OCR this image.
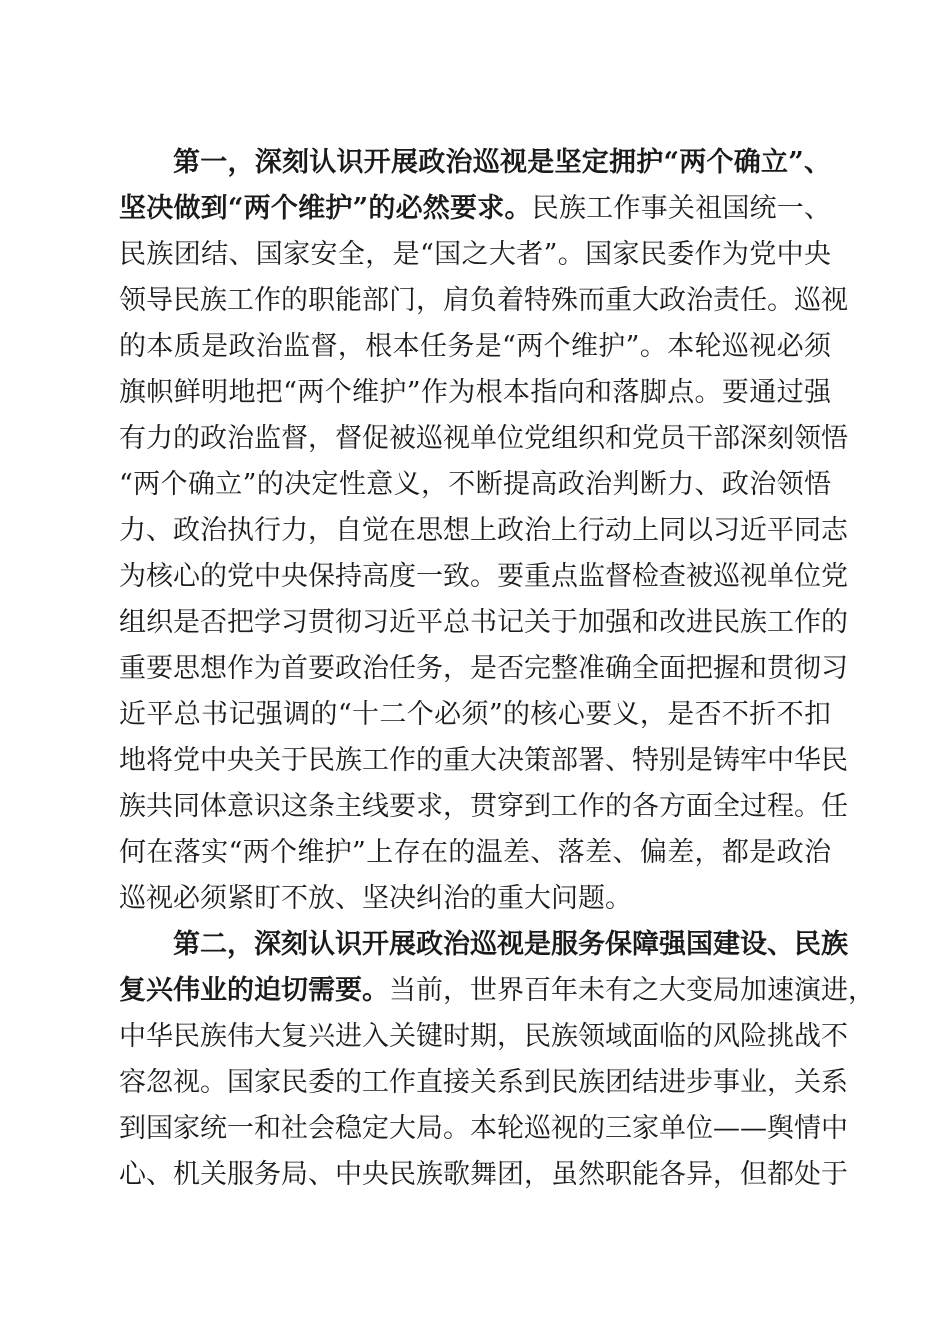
第一，深刻认识开展政治巡视是坚定拥护“两个确立”、
坚决做到“两个维护”的必然要求。民族工作事关祖国统一、
民族团结、国家安全，是“国之大者”。国家民委作为党中央
领导民族工作的职能部门，肩负着特殊而重大政治责任。巡视
的本质是政治监督，根本任务是“两个维护”。本轮巡视必须
旗帜鲜明地把“两个维护”作为根本指向和落脚点。要通过强
有力的政治监督，督促被巡视单位党组织和党员干部深刻领悟
“两个确立”的决定性意义，不断提高政治判断力、政治领悟
力、政治执行力，自觉在思想上政治上行动上同以习近平同志
为核心的党中央保持高度一致。要重点监督检查被巡视单位党
组织是否把学习贯彻习近平总书记关于加强和改进民族工作的
重要思想作为首要政治任务，是否完整准确全面把握和贯彻习
近平总书记强调的“十二个必须”的核心要义，是否不折不扣
地将党中央关于民族工作的重大决策部署、特别是铸牢中华民
族共同体意识这条主线要求，贯穿到工作的各方面全过程。任
何在落实“两个维护”上存在的温差、落差、偏差，都是政治
巡视必须紧盯不放、坚决纠治的重大问题。
第二，深刻认识开展政治巡视是服务保障强国建设、民族
复兴伟业的迫切需要。当前，世界百年未有之大变局加速演进，
中华民族伟大复兴进入关键时期，民族领域面临的风险挑战不
容忽视。国家民委的工作直接关系到民族团结进步事业，关系
到国家统一和社会稳定大局。本轮巡视的三家单位——舆情中
心、机关服务局、中央民族歌舞团，虽然职能各异，但都处于
